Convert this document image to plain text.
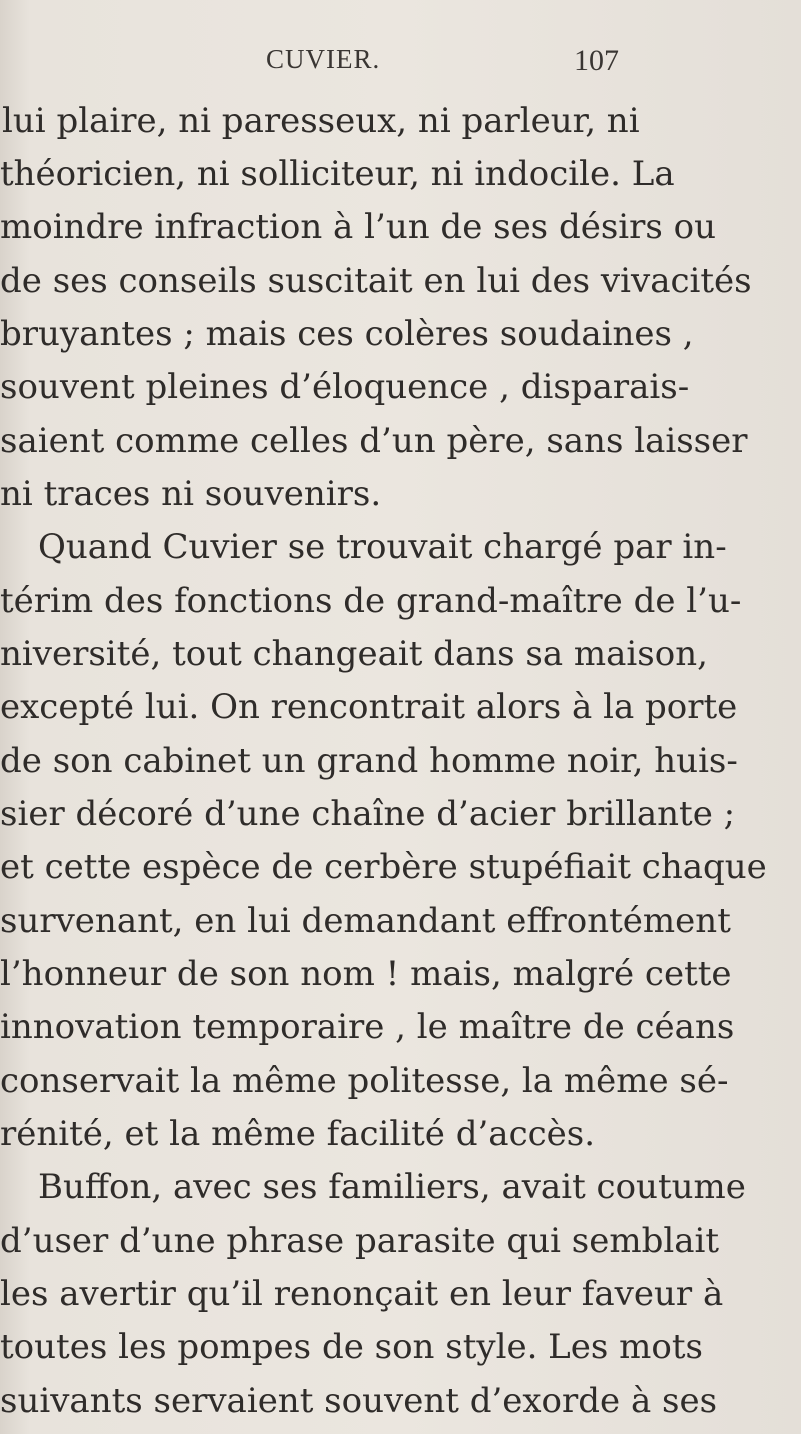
CUVIER.	107
lui plaire, ni paresseux, ni parleur, ni
théoricien, ni solliciteur, ni indocile. La
moindre infraction à l’un de ses désirs ou
de ses conseils suscitait en lui des vivacités
bruyantes ; mais ces colères soudaines ,
souvent pleines d’éloquence , disparais-
saient comme celles d’un père, sans laisser
ni traces ni souvenirs.
Quand Cuvier se trouvait chargé par in-
térim des fonctions de grand-maître de l’u-
niversité, tout changeait dans sa maison,
excepté lui. On rencontrait alors à la porte
de son cabinet un grand homme noir, huis-
sier décoré d’une chaîne d’acier brillante ;
et cette espèce de cerbère stupéfiait chaque
survenant, en lui demandant effrontément
l’honneur de son nom ! mais, malgré cette
innovation temporaire , le maître de céans
conservait la même politesse, la même sé-
rénité, et la même facilité d’accès.
Buffon, avec ses familiers, avait coutume
d’user d’une phrase parasite qui semblait
les avertir qu’il renonçait en leur faveur à
toutes les pompes de son style. Les mots
suivants servaient souvent d’exorde à ses
